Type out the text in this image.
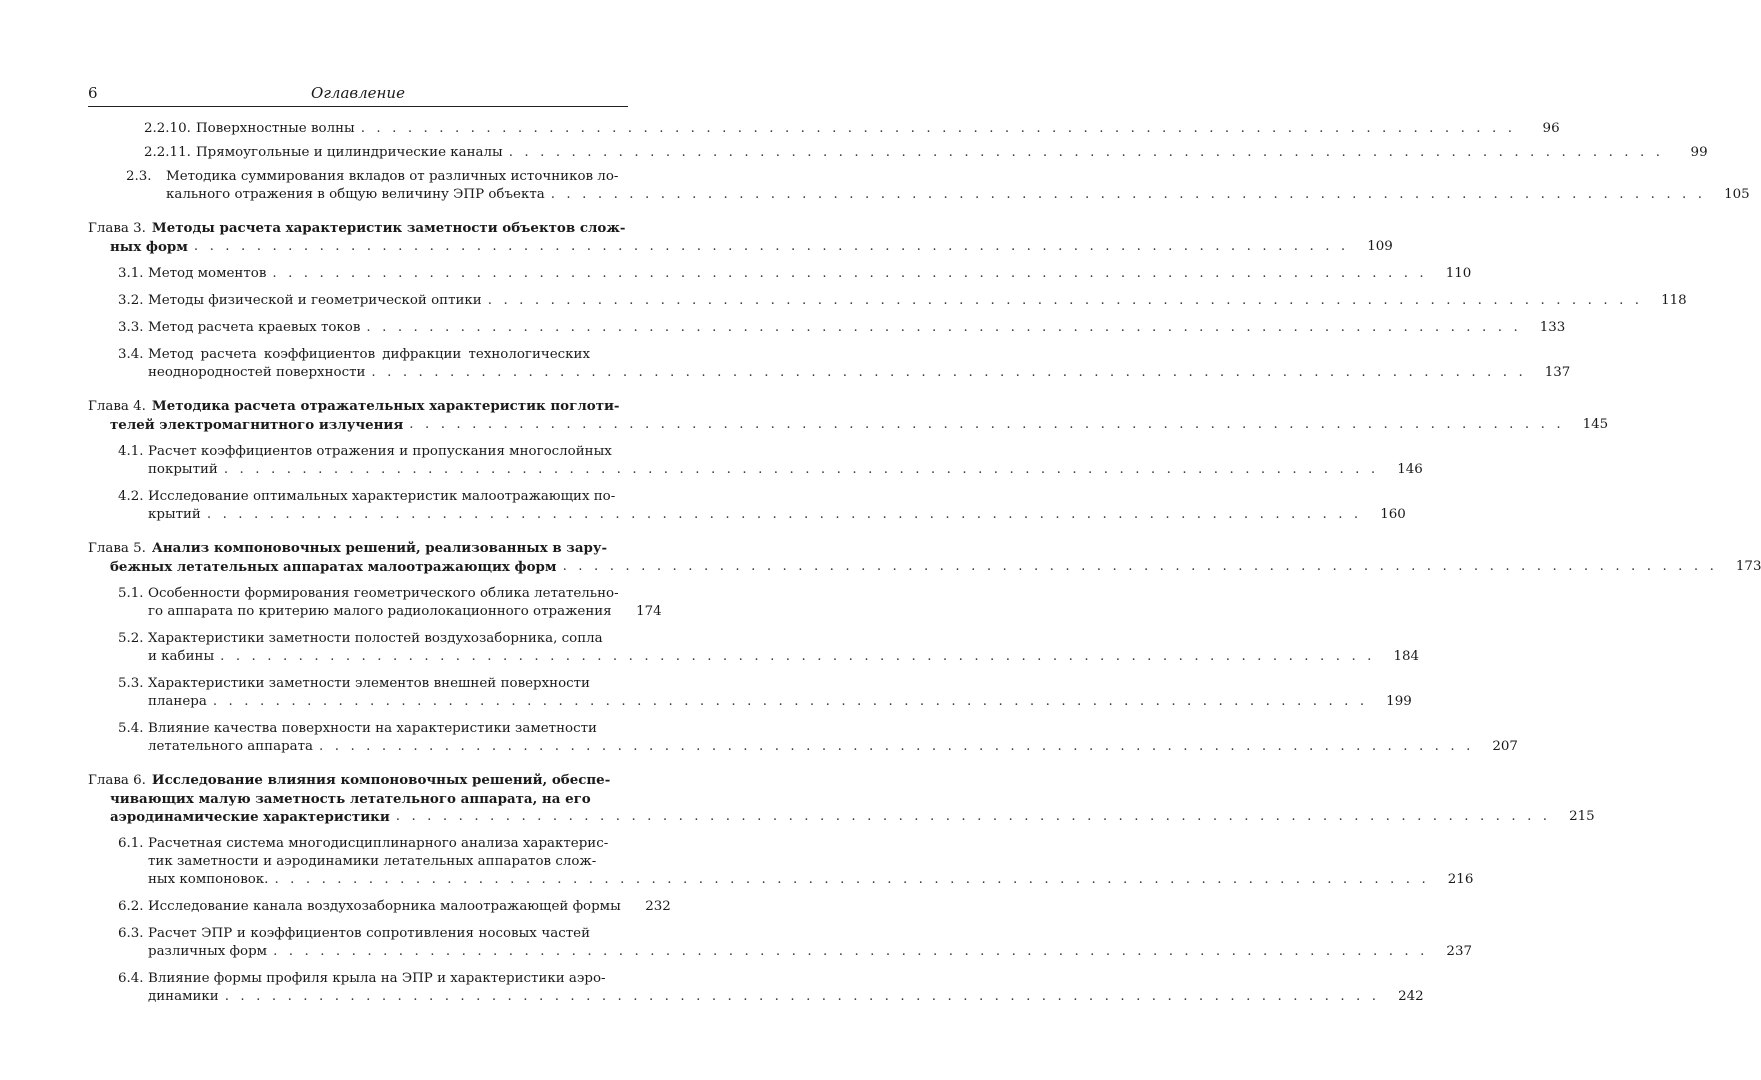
6	Оглавление
2.2.10. Поверхностные волны . . . . . . . . . . . . . . . . . . . . . . . . . . . . . . . . . . . . . . . . . . . . . . . . . . . . . . . . . . . . . . . . . . . . . . . . . .	96
2.2.11. Прямоугольные и цилиндрические каналы . . . . . . . . . . . . . . . . . . . . . . . . . . . . . . . . . . . . . . . . . . . . . . . . . . . . . . . . . . . . . . . . . . . . . . . . . .	99
2.3.	Методика суммирования вкладов от различных источников ло-
кального отражения в общую величину ЭПР объекта . . . . . . . . . . . . . . . . . . . . . . . . . . . . . . . . . . . . . . . . . . . . . . . . . . . . . . . . . . . . . . . . . . . . . . . . . .	105
Глава 3. Методы расчета характеристик заметности объектов слож-
ных форм . . . . . . . . . . . . . . . . . . . . . . . . . . . . . . . . . . . . . . . . . . . . . . . . . . . . . . . . . . . . . . . . . . . . . . . . . .	109
3.1. Метод моментов . . . . . . . . . . . . . . . . . . . . . . . . . . . . . . . . . . . . . . . . . . . . . . . . . . . . . . . . . . . . . . . . . . . . . . . . . .	110
3.2. Методы физической и геометрической оптики . . . . . . . . . . . . . . . . . . . . . . . . . . . . . . . . . . . . . . . . . . . . . . . . . . . . . . . . . . . . . . . . . . . . . . . . . .	118
3.3. Метод расчета краевых токов . . . . . . . . . . . . . . . . . . . . . . . . . . . . . . . . . . . . . . . . . . . . . . . . . . . . . . . . . . . . . . . . . . . . . . . . . .	133
3.4. Метод расчета коэффициентов дифракции технологических
неоднородностей поверхности . . . . . . . . . . . . . . . . . . . . . . . . . . . . . . . . . . . . . . . . . . . . . . . . . . . . . . . . . . . . . . . . . . . . . . . . . .	137
Глава 4. Методика расчета отражательных характеристик поглоти-
телей электромагнитного излучения . . . . . . . . . . . . . . . . . . . . . . . . . . . . . . . . . . . . . . . . . . . . . . . . . . . . . . . . . . . . . . . . . . . . . . . . . .	145
4.1. Расчет коэффициентов отражения и пропускания многослойных
покрытий . . . . . . . . . . . . . . . . . . . . . . . . . . . . . . . . . . . . . . . . . . . . . . . . . . . . . . . . . . . . . . . . . . . . . . . . . .	146
4.2. Исследование оптимальных характеристик малоотражающих по-
крытий . . . . . . . . . . . . . . . . . . . . . . . . . . . . . . . . . . . . . . . . . . . . . . . . . . . . . . . . . . . . . . . . . . . . . . . . . .	160
Глава 5. Анализ компоновочных решений, реализованных в зару-
бежных летательных аппаратах малоотражающих форм . . . . . . . . . . . . . . . . . . . . . . . . . . . . . . . . . . . . . . . . . . . . . . . . . . . . . . . . . . . . . . . . . . . . . . . . . .	173
5.1. Особенности формирования геометрического облика летательно-
го аппарата по критерию малого радиолокационного отражения	174
5.2. Характеристики заметности полостей воздухозаборника, сопла
и кабины . . . . . . . . . . . . . . . . . . . . . . . . . . . . . . . . . . . . . . . . . . . . . . . . . . . . . . . . . . . . . . . . . . . . . . . . . .	184
5.3. Характеристики заметности элементов внешней поверхности
планера . . . . . . . . . . . . . . . . . . . . . . . . . . . . . . . . . . . . . . . . . . . . . . . . . . . . . . . . . . . . . . . . . . . . . . . . . .	199
5.4. Влияние качества поверхности на характеристики заметности
летательного аппарата . . . . . . . . . . . . . . . . . . . . . . . . . . . . . . . . . . . . . . . . . . . . . . . . . . . . . . . . . . . . . . . . . . . . . . . . . .	207
Глава 6. Исследование влияния компоновочных решений, обеспе-
чивающих малую заметность летательного аппарата, на его
аэродинамические характеристики . . . . . . . . . . . . . . . . . . . . . . . . . . . . . . . . . . . . . . . . . . . . . . . . . . . . . . . . . . . . . . . . . . . . . . . . . .	215
6.1. Расчетная система многодисциплинарного анализа характерис-
тик заметности и аэродинамики летательных аппаратов слож-
ных компоновок. . . . . . . . . . . . . . . . . . . . . . . . . . . . . . . . . . . . . . . . . . . . . . . . . . . . . . . . . . . . . . . . . . . . . . . . . . .	216
6.2. Исследование канала воздухозаборника малоотражающей формы	232
6.3. Расчет ЭПР и коэффициентов сопротивления носовых частей
различных форм . . . . . . . . . . . . . . . . . . . . . . . . . . . . . . . . . . . . . . . . . . . . . . . . . . . . . . . . . . . . . . . . . . . . . . . . . .	237
6.4. Влияние формы профиля крыла на ЭПР и характеристики аэро-
динамики . . . . . . . . . . . . . . . . . . . . . . . . . . . . . . . . . . . . . . . . . . . . . . . . . . . . . . . . . . . . . . . . . . . . . . . . . .	242
